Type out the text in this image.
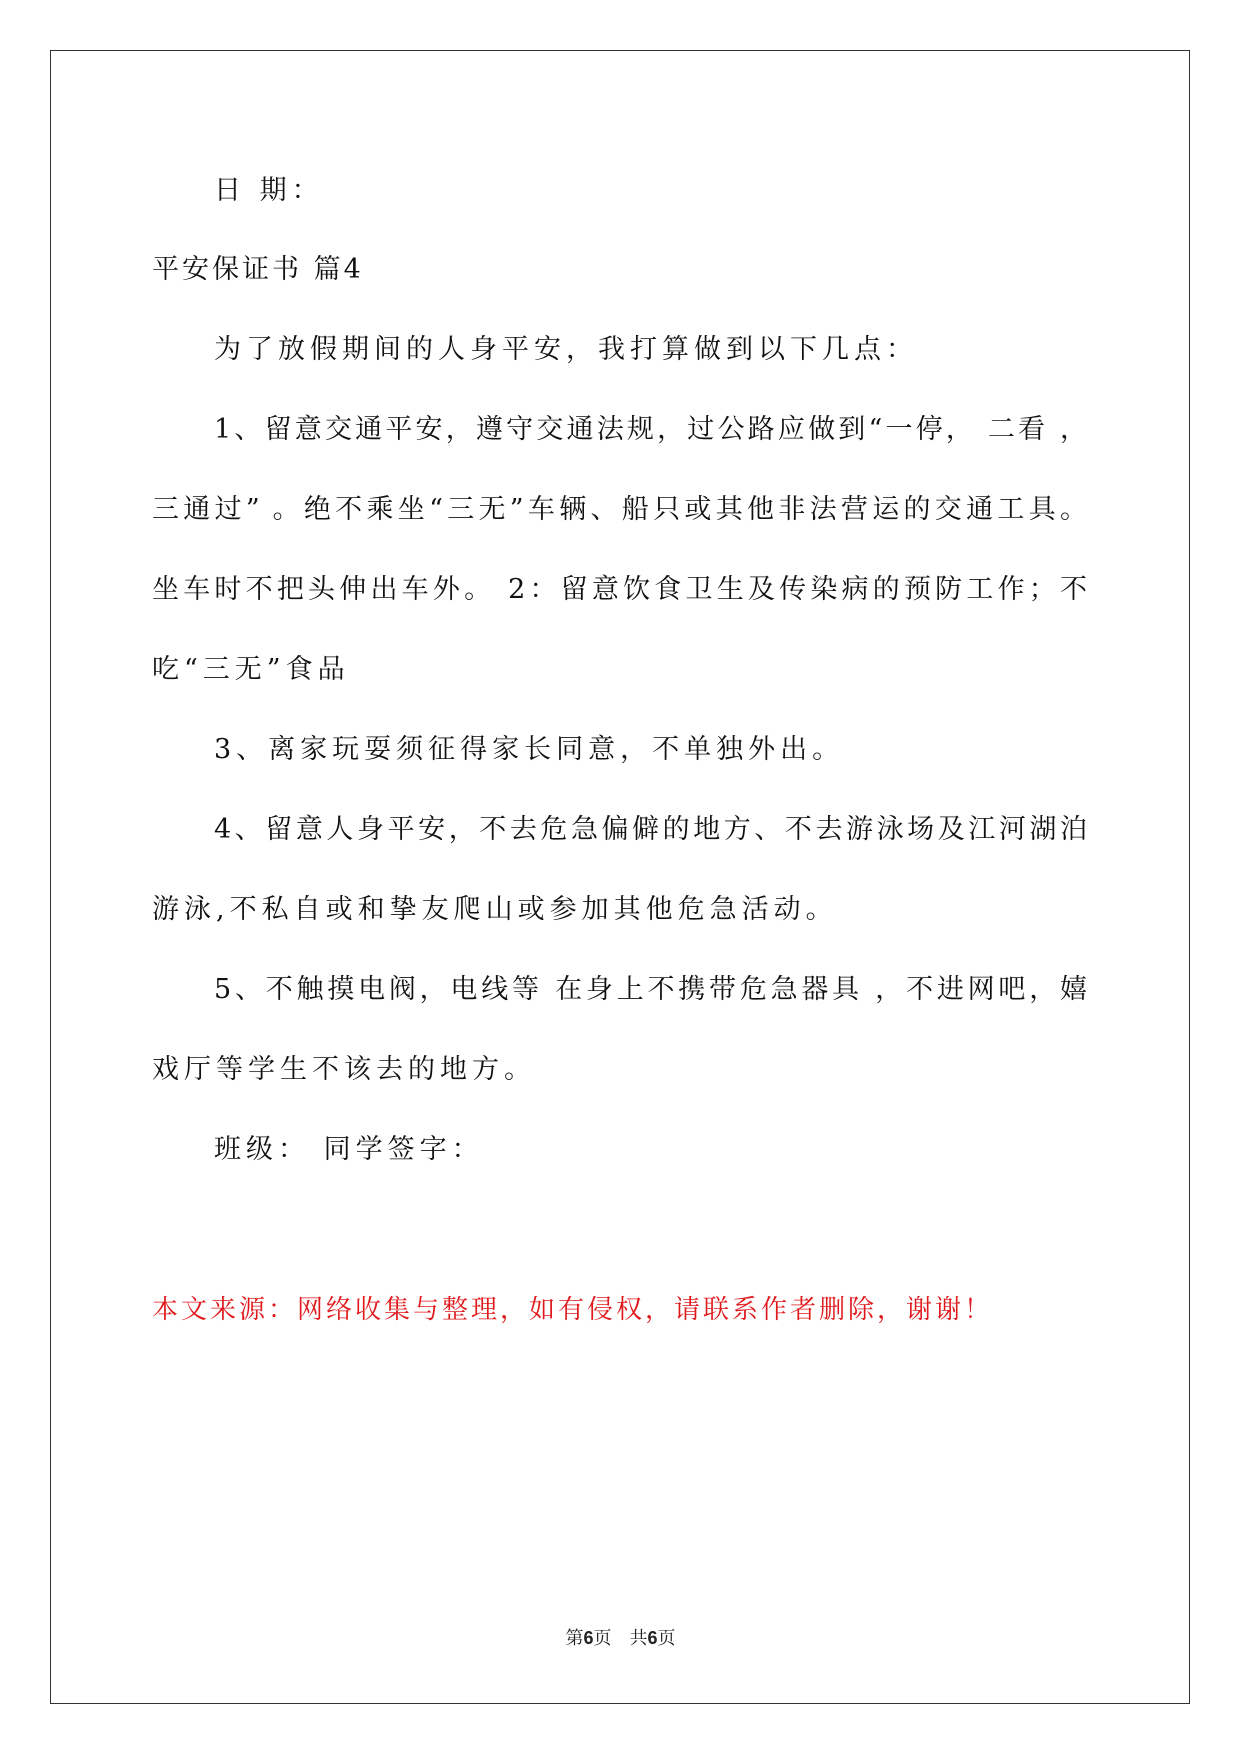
日 期：
平安保证书 篇4
为了放假期间的人身平安，我打算做到以下几点：
1、留意交通平安，遵守交通法规，过公路应做到“一停， 二看 ，
三通过” 。绝不乘坐“三无”车辆、船只或其他非法营运的交通工具。
坐车时不把头伸出车外。 2：留意饮食卫生及传染病的预防工作；不
吃“三无”食品
3、离家玩耍须征得家长同意，不单独外出。
4、留意人身平安，不去危急偏僻的地方、不去游泳场及江河湖泊
游泳,不私自或和挚友爬山或参加其他危急活动。
5、不触摸电阀，电线等 在身上不携带危急器具 ，不进网吧，嬉
戏厅等学生不该去的地方。
班级： 同学签字：
本文来源：网络收集与整理，如有侵权，请联系作者删除，谢谢！
第6页 共6页
